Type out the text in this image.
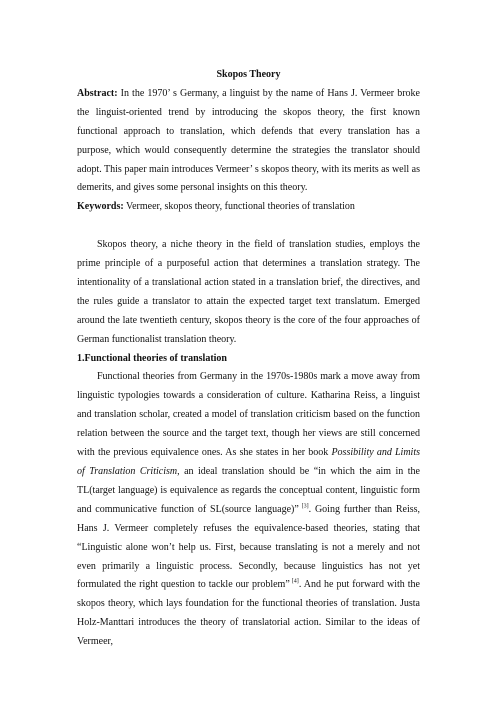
Skopos Theory

Abstract: In the 1970’ s Germany, a linguist by the name of Hans J. Vermeer broke the linguist-oriented trend by introducing the skopos theory, the first known functional approach to translation, which defends that every translation has a purpose, which would consequently determine the strategies the translator should adopt. This paper main introduces Vermeer’ s skopos theory, with its merits as well as demerits, and gives some personal insights on this theory.

Keywords: Vermeer, skopos theory, functional theories of translation

Skopos theory, a niche theory in the field of translation studies, employs the prime principle of a purposeful action that determines a translation strategy. The intentionality of a translational action stated in a translation brief, the directives, and the rules guide a translator to attain the expected target text translatum. Emerged around the late twentieth century, skopos theory is the core of the four approaches of German functionalist translation theory.

1.Functional theories of translation

Functional theories from Germany in the 1970s-1980s mark a move away from linguistic typologies towards a consideration of culture. Katharina Reiss, a linguist and translation scholar, created a model of translation criticism based on the function relation between the source and the target text, though her views are still concerned with the previous equivalence ones. As she states in her book Possibility and Limits of Translation Criticism, an ideal translation should be “in which the aim in the TL(target language) is equivalence as regards the conceptual content, linguistic form and communicative function of SL(source language)” [3]. Going further than Reiss, Hans J. Vermeer completely refuses the equivalence-based theories, stating that “Linguistic alone won’t help us. First, because translating is not a merely and not even primarily a linguistic process. Secondly, because linguistics has not yet formulated the right question to tackle our problem” [4]. And he put forward with the skopos theory, which lays foundation for the functional theories of translation. Justa Holz-Manttari introduces the theory of translatorial action. Similar to the ideas of Vermeer,
